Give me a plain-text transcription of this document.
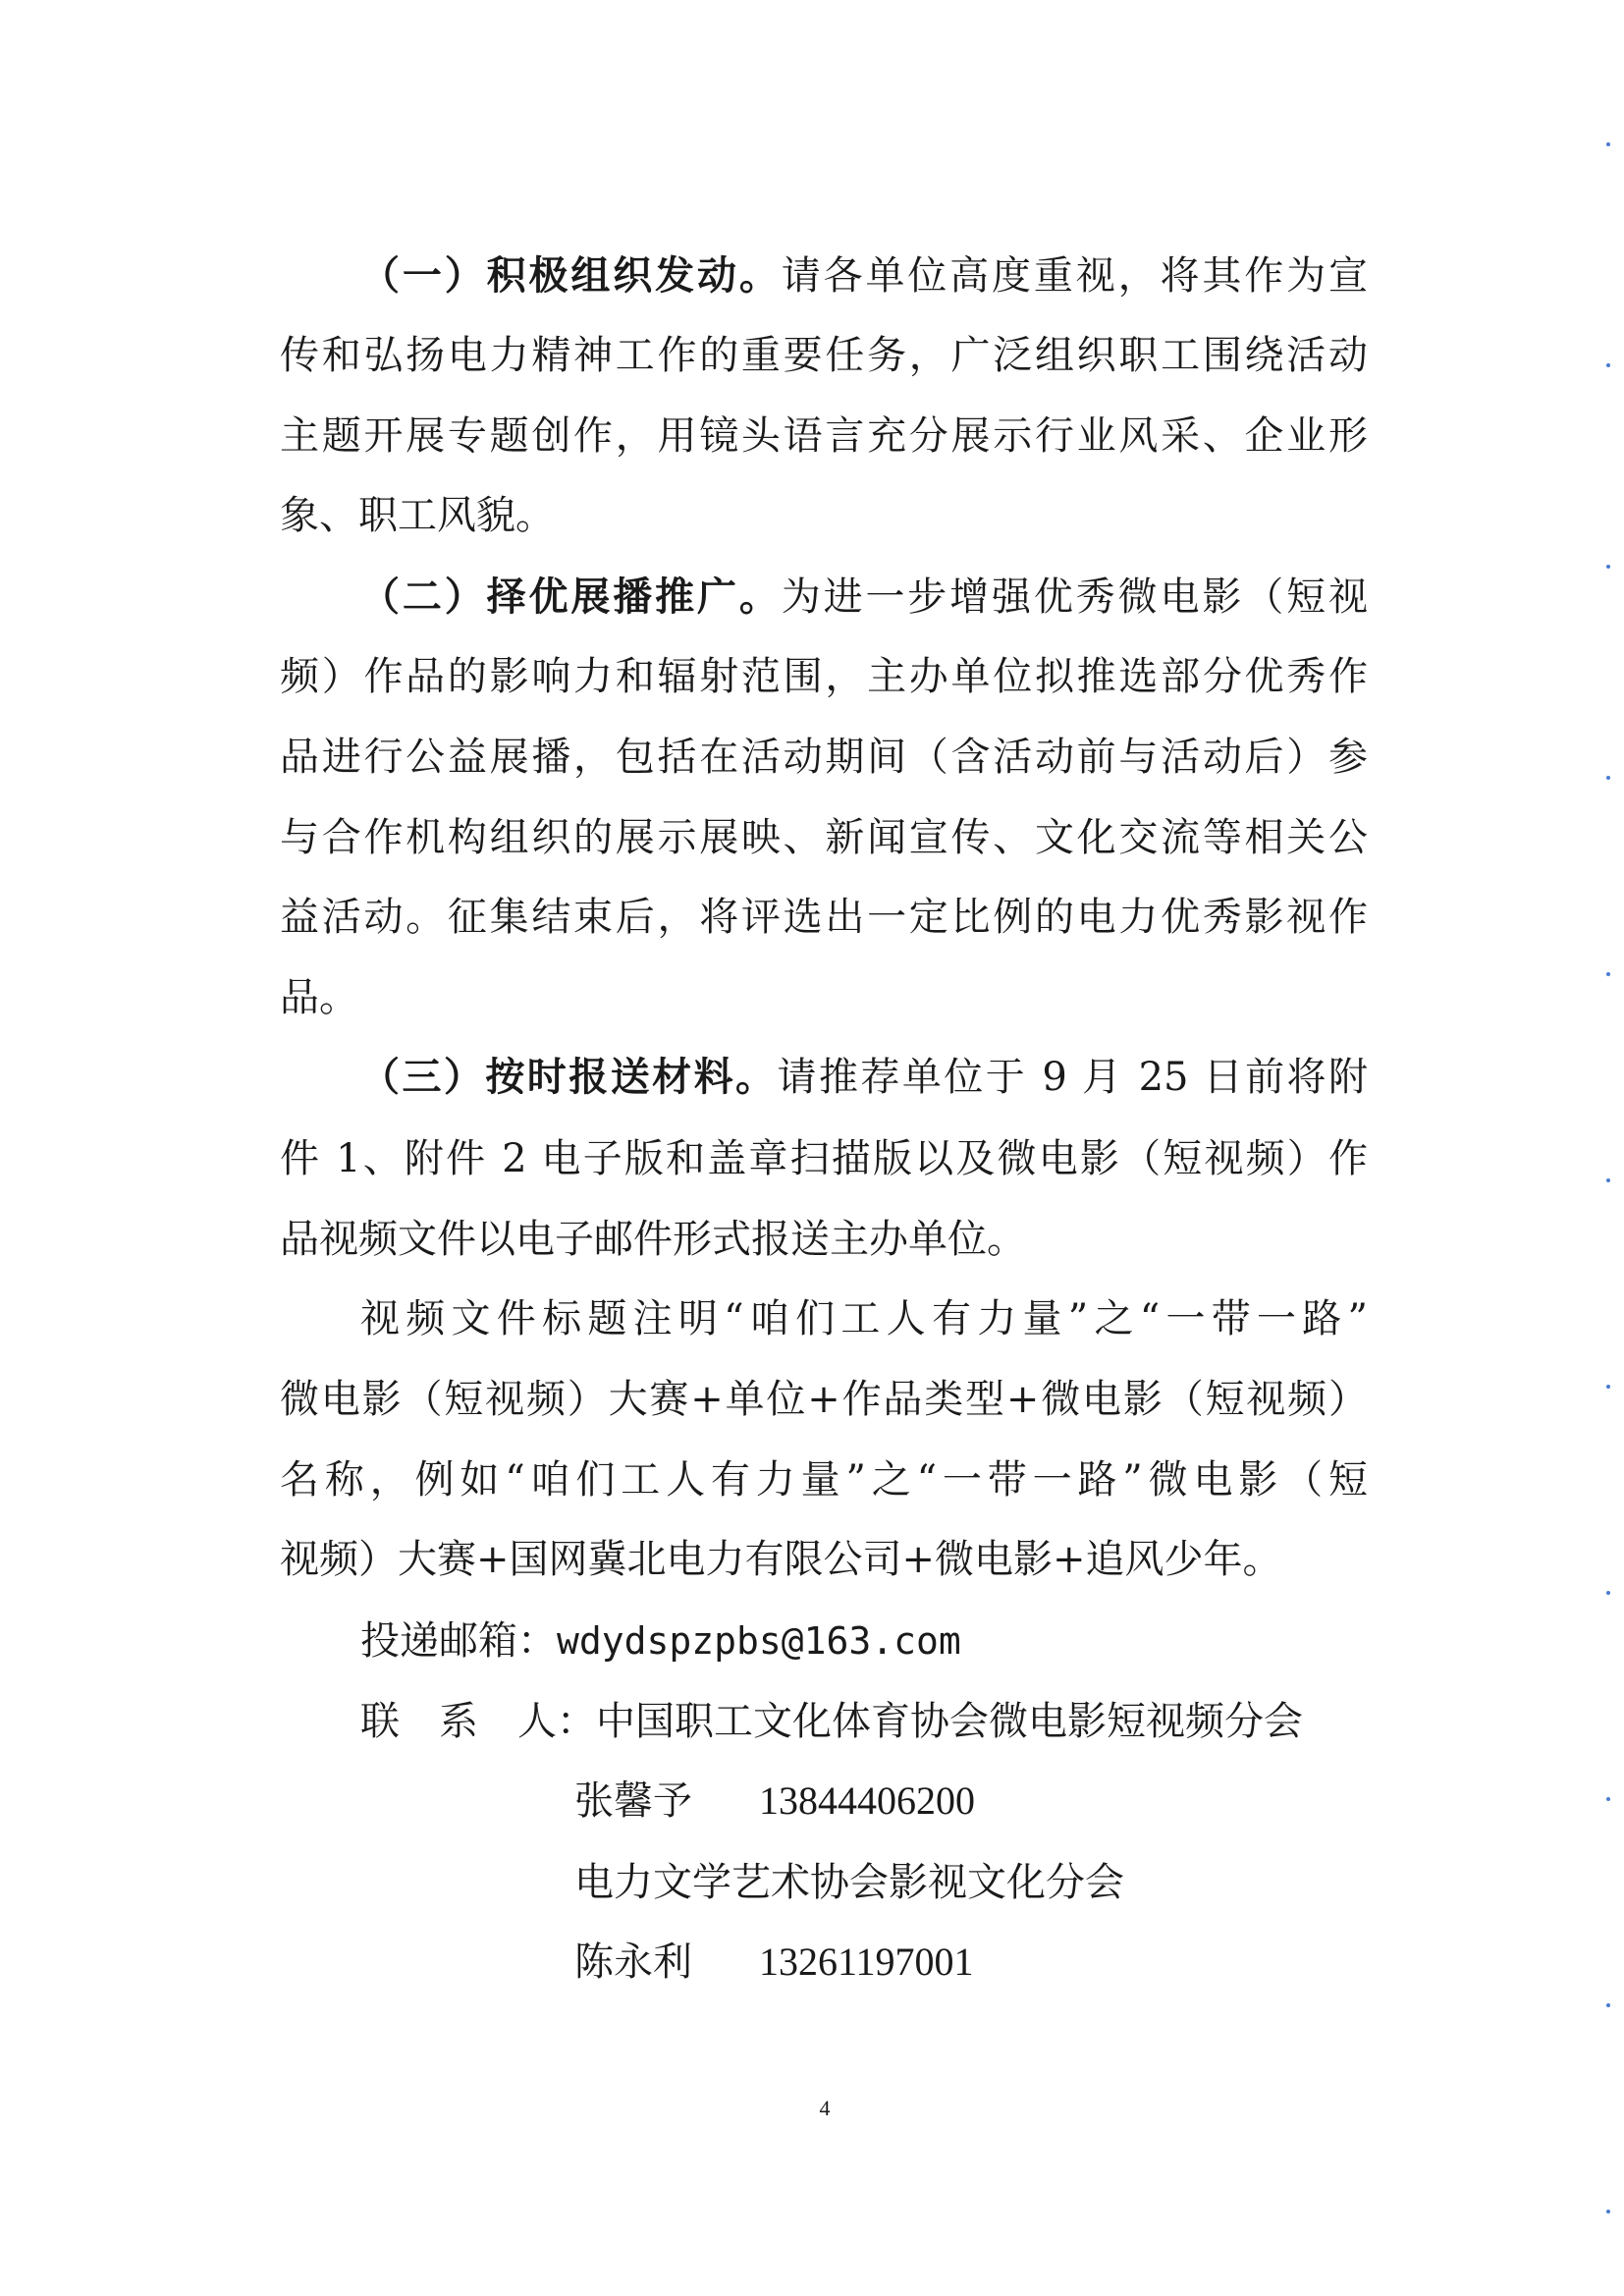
（一）积极组织发动。请各单位高度重视，将其作为宣
传和弘扬电力精神工作的重要任务，广泛组织职工围绕活动
主题开展专题创作，用镜头语言充分展示行业风采、企业形
象、职工风貌。
（二）择优展播推广。为进一步增强优秀微电影（短视
频）作品的影响力和辐射范围，主办单位拟推选部分优秀作
品进行公益展播，包括在活动期间（含活动前与活动后）参
与合作机构组织的展示展映、新闻宣传、文化交流等相关公
益活动。征集结束后，将评选出一定比例的电力优秀影视作
品。
（三）按时报送材料。请推荐单位于 9 月 25 日前将附
件 1、附件 2 电子版和盖章扫描版以及微电影（短视频）作
品视频文件以电子邮件形式报送主办单位。
视频文件标题注明“咱们工人有力量”之“一带一路”
微电影（短视频）大赛+单位+作品类型+微电影（短视频）
名称，例如“咱们工人有力量”之“一带一路”微电影（短
视频）大赛+国网冀北电力有限公司+微电影+追风少年。
投递邮箱：wdydspzpbs@163.com
联　系　人：中国职工文化体育协会微电影短视频分会
张馨予 13844406200
电力文学艺术协会影视文化分会
陈永利 13261197001
4
